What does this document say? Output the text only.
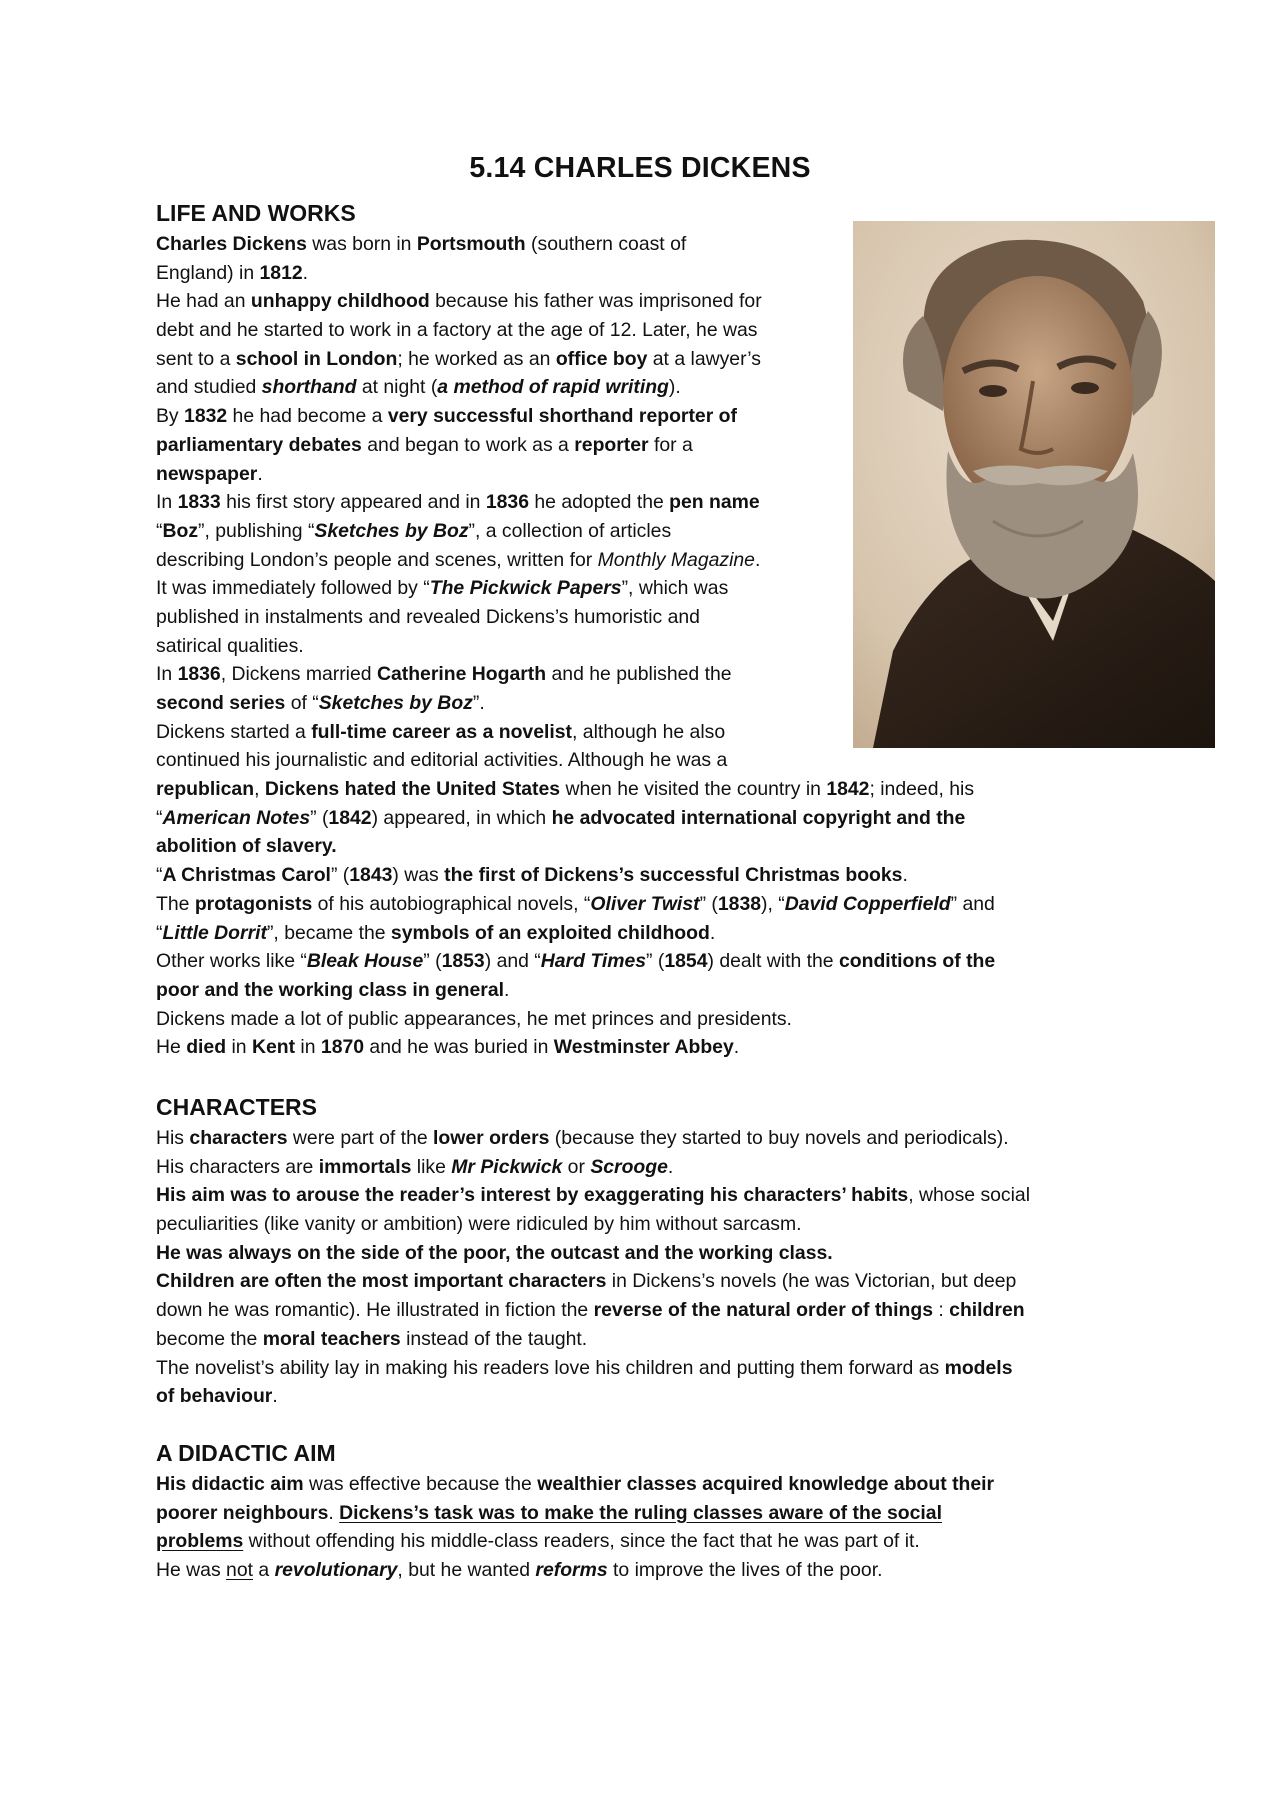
5.14 CHARLES DICKENS
LIFE AND WORKS
Charles Dickens was born in Portsmouth (southern coast of
England) in 1812.
He had an unhappy childhood because his father was imprisoned for
debt and he started to work in a factory at the age of 12. Later, he was
sent to a school in London; he worked as an office boy at a lawyer’s
and studied shorthand at night (a method of rapid writing).
By 1832 he had become a very successful shorthand reporter of
parliamentary debates and began to work as a reporter for a
newspaper.
In 1833 his first story appeared and in 1836 he adopted the pen name
“Boz”, publishing “Sketches by Boz”, a collection of articles
describing London’s people and scenes, written for Monthly Magazine.
It was immediately followed by “The Pickwick Papers”, which was
published in instalments and revealed Dickens’s humoristic and
satirical qualities.
In 1836, Dickens married Catherine Hogarth and he published the
second series of “Sketches by Boz”.
Dickens started a full-time career as a novelist, although he also
continued his journalistic and editorial activities. Although he was a
republican, Dickens hated the United States when he visited the country in 1842; indeed, his
“American Notes” (1842) appeared, in which he advocated international copyright and the
abolition of slavery.
“A Christmas Carol” (1843) was the first of Dickens’s successful Christmas books.
The protagonists of his autobiographical novels, “Oliver Twist” (1838), “David Copperfield” and
“Little Dorrit”, became the symbols of an exploited childhood.
Other works like “Bleak House” (1853) and “Hard Times” (1854) dealt with the conditions of the
poor and the working class in general.
Dickens made a lot of public appearances, he met princes and presidents.
He died in Kent in 1870 and he was buried in Westminster Abbey.
CHARACTERS
His characters were part of the lower orders (because they started to buy novels and periodicals).
His characters are immortals like Mr Pickwick or Scrooge.
His aim was to arouse the reader’s interest by exaggerating his characters’ habits, whose social
peculiarities (like vanity or ambition) were ridiculed by him without sarcasm.
He was always on the side of the poor, the outcast and the working class.
Children are often the most important characters in Dickens’s novels (he was Victorian, but deep
down he was romantic). He illustrated in fiction the reverse of the natural order of things : children
become the moral teachers instead of the taught.
The novelist’s ability lay in making his readers love his children and putting them forward as models
of behaviour.
A DIDACTIC AIM
His didactic aim was effective because the wealthier classes acquired knowledge about their
poorer neighbours. Dickens’s task was to make the ruling classes aware of the social
problems without offending his middle-class readers, since the fact that he was part of it.
He was not a revolutionary, but he wanted reforms to improve the lives of the poor.
